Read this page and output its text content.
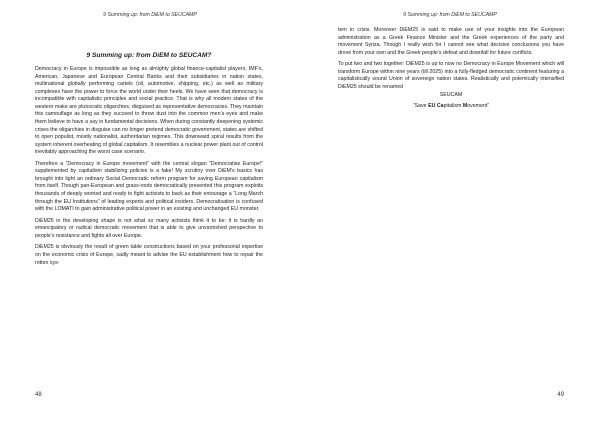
9 Summing up: from DiEM to SEUCAMP
9 Summing up: from DiEM to SEUCAM?

Democracy in Europe is impossible as long as almighty global finance-capitalist players, IMF’s, American, Japanese and European Central Banks and their subsidiaries in nation states, multinational globally performing cartels (oil, automotive, shipping, etc.) as well as military complexes have the power to force the world under their heels. We have seen that democracy is incompatible with capitalistic principles and social practice. That is why all modern states of the western make are plutocratic oligarchies, disguised as representative democracies. They maintain this camouflage as long as they succeed to throw dust into the common men’s eyes and make them believe to have a say in fundamental decisions. When during constantly deepening systemic crises the oligarchies in disguise can no longer pretend democratic government, states are shifted to open populist, mostly nationalist, authoritarian regimes. This downward spiral results from the system inherent overheating of global capitalism. It resembles a nuclear power plant out of control inevitably approaching the worst case scenario.

Therefore a “Democracy in Europe movement” with the central slogan “Democratise Europe!” supplemented by capitalism stabilizing policies is a fake! My scrutiny over DiEM’s basics has brought into light an ordinary Social Democratic reform program for saving European capitalism from itself. Though pan-European and grass-roots democratically presented this program exploits thousands of deeply worried and ready to fight activists to back as their entourage a “Long March through the EU Institutions” of leading experts and political insiders. Democratisation is confused with the LOMATI to gain administrative political power in an existing and unchanged EU monster.

DiEM25 in the developing shape is not what so many activists think it to be: it is hardly an emancipatory or radical democratic movement that is able to give unvarnished perspective to people’s resistance and fights all over Europe.

DiEM25 is obviously the result of green table constructions based on your professorial expertise on the economic crisis of Europe, sadly meant to advise the EU establishment how to repair the rotten sys-

48
9 Summing up: from DiEM to SEUCAMP

tem in crisis. Moreover DiEM25 is said to make use of your insights into the European administration as a Greek Finance Minister and the Greek experiences of the party and movement Syriza. Though I really wish for I cannot see what decisive conclusions you have drove from your own and the Greek people’s defeat and downfall for future conflicts.

To put two and two together: DiEM25 is up to now no Democracy in Europe Movement which will transform Europe within nine years (till 2025) into a fully-fledged democratic continent featuring a capitalistically sound Union of sovereign nation states. Realistically and polemically intensified DiEM25 should be renamed

SEUCAM

“Save EU Capitalism Movement”

49
